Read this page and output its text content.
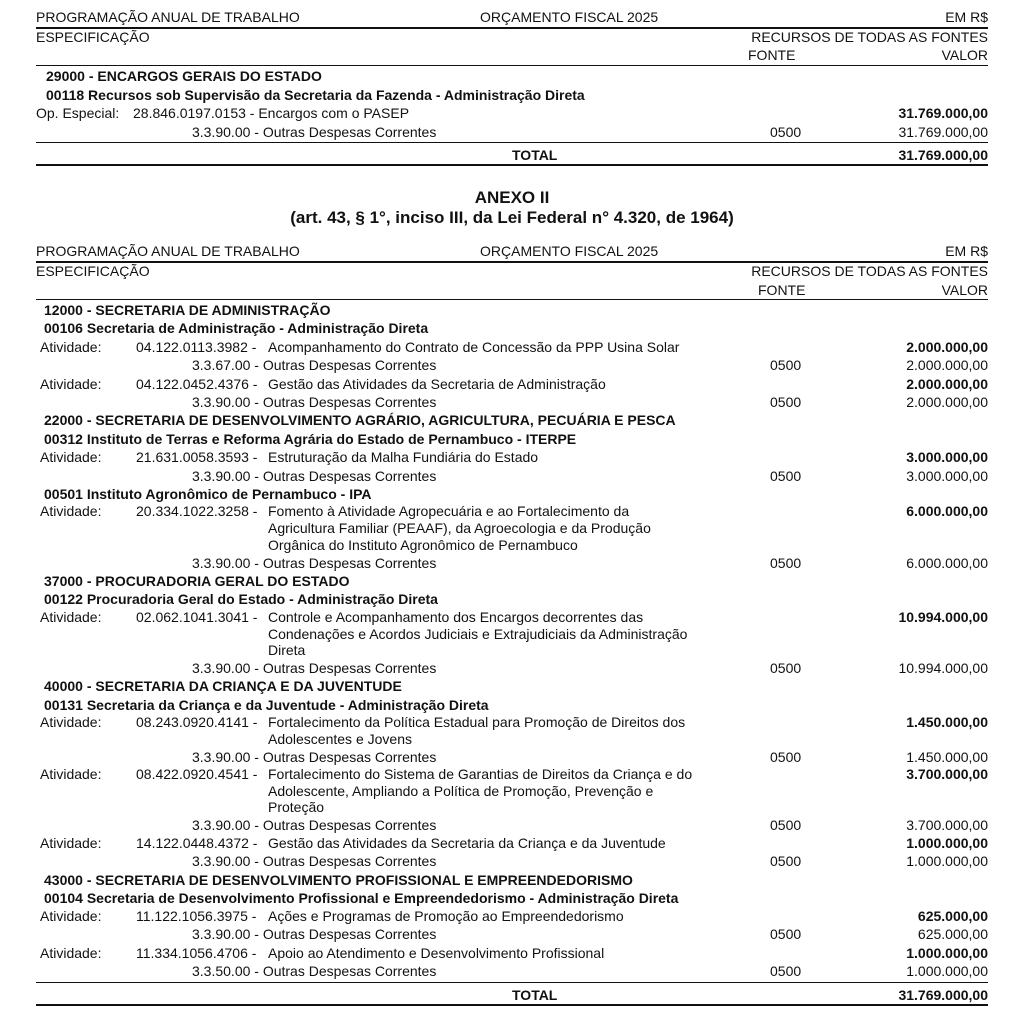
PROGRAMAÇÃO ANUAL DE TRABALHO	ORÇAMENTO FISCAL 2025	EM R$
ESPECIFICAÇÃO	RECURSOS DE TODAS AS FONTES
FONTE	VALOR
29000 - ENCARGOS GERAIS DO ESTADO
00118 Recursos sob Supervisão da Secretaria da Fazenda - Administração Direta
Op. Especial: 28.846.0197.0153 - Encargos com o PASEP	31.769.000,00
3.3.90.00 - Outras Despesas Correntes	0500	31.769.000,00
TOTAL	31.769.000,00
ANEXO II
(art. 43, § 1°, inciso III, da Lei Federal n° 4.320, de 1964)
PROGRAMAÇÃO ANUAL DE TRABALHO	ORÇAMENTO FISCAL 2025	EM R$
ESPECIFICAÇÃO	RECURSOS DE TODAS AS FONTES
FONTE	VALOR
12000 - SECRETARIA DE ADMINISTRAÇÃO
00106 Secretaria de Administração - Administração Direta
Atividade: 04.122.0113.3982 - Acompanhamento do Contrato de Concessão da PPP Usina Solar	2.000.000,00
3.3.67.00 - Outras Despesas Correntes	0500	2.000.000,00
Atividade: 04.122.0452.4376 - Gestão das Atividades da Secretaria de Administração	2.000.000,00
3.3.90.00 - Outras Despesas Correntes	0500	2.000.000,00
22000 - SECRETARIA DE DESENVOLVIMENTO AGRÁRIO, AGRICULTURA, PECUÁRIA E PESCA
00312 Instituto de Terras e Reforma Agrária do Estado de Pernambuco - ITERPE
Atividade: 21.631.0058.3593 - Estruturação da Malha Fundiária do Estado	3.000.000,00
3.3.90.00 - Outras Despesas Correntes	0500	3.000.000,00
00501 Instituto Agronômico de Pernambuco - IPA
Atividade: 20.334.1022.3258 - Fomento à Atividade Agropecuária e ao Fortalecimento da
Agricultura Familiar (PEAAF), da Agroecologia e da Produção
Orgânica do Instituto Agronômico de Pernambuco
6.000.000,00
3.3.90.00 - Outras Despesas Correntes	0500	6.000.000,00
37000 - PROCURADORIA GERAL DO ESTADO
00122 Procuradoria Geral do Estado - Administração Direta
Atividade: 02.062.1041.3041 - Controle e Acompanhamento dos Encargos decorrentes das
Condenações e Acordos Judiciais e Extrajudiciais da Administração
Direta
10.994.000,00
3.3.90.00 - Outras Despesas Correntes	0500	10.994.000,00
40000 - SECRETARIA DA CRIANÇA E DA JUVENTUDE
00131 Secretaria da Criança e da Juventude - Administração Direta
Atividade: 08.243.0920.4141 - Fortalecimento da Política Estadual para Promoção de Direitos dos
Adolescentes e Jovens
1.450.000,00
3.3.90.00 - Outras Despesas Correntes	0500	1.450.000,00
Atividade: 08.422.0920.4541 - Fortalecimento do Sistema de Garantias de Direitos da Criança e do
Adolescente, Ampliando a Política de Promoção, Prevenção e
Proteção
3.700.000,00
3.3.90.00 - Outras Despesas Correntes	0500	3.700.000,00
Atividade: 14.122.0448.4372 - Gestão das Atividades da Secretaria da Criança e da Juventude	1.000.000,00
3.3.90.00 - Outras Despesas Correntes	0500	1.000.000,00
43000 - SECRETARIA DE DESENVOLVIMENTO PROFISSIONAL E EMPREENDEDORISMO
00104 Secretaria de Desenvolvimento Profissional e Empreendedorismo - Administração Direta
Atividade: 11.122.1056.3975 - Ações e Programas de Promoção ao Empreendedorismo	625.000,00
3.3.90.00 - Outras Despesas Correntes	0500	625.000,00
Atividade: 11.334.1056.4706 - Apoio ao Atendimento e Desenvolvimento Profissional	1.000.000,00
3.3.50.00 - Outras Despesas Correntes	0500	1.000.000,00
TOTAL	31.769.000,00
